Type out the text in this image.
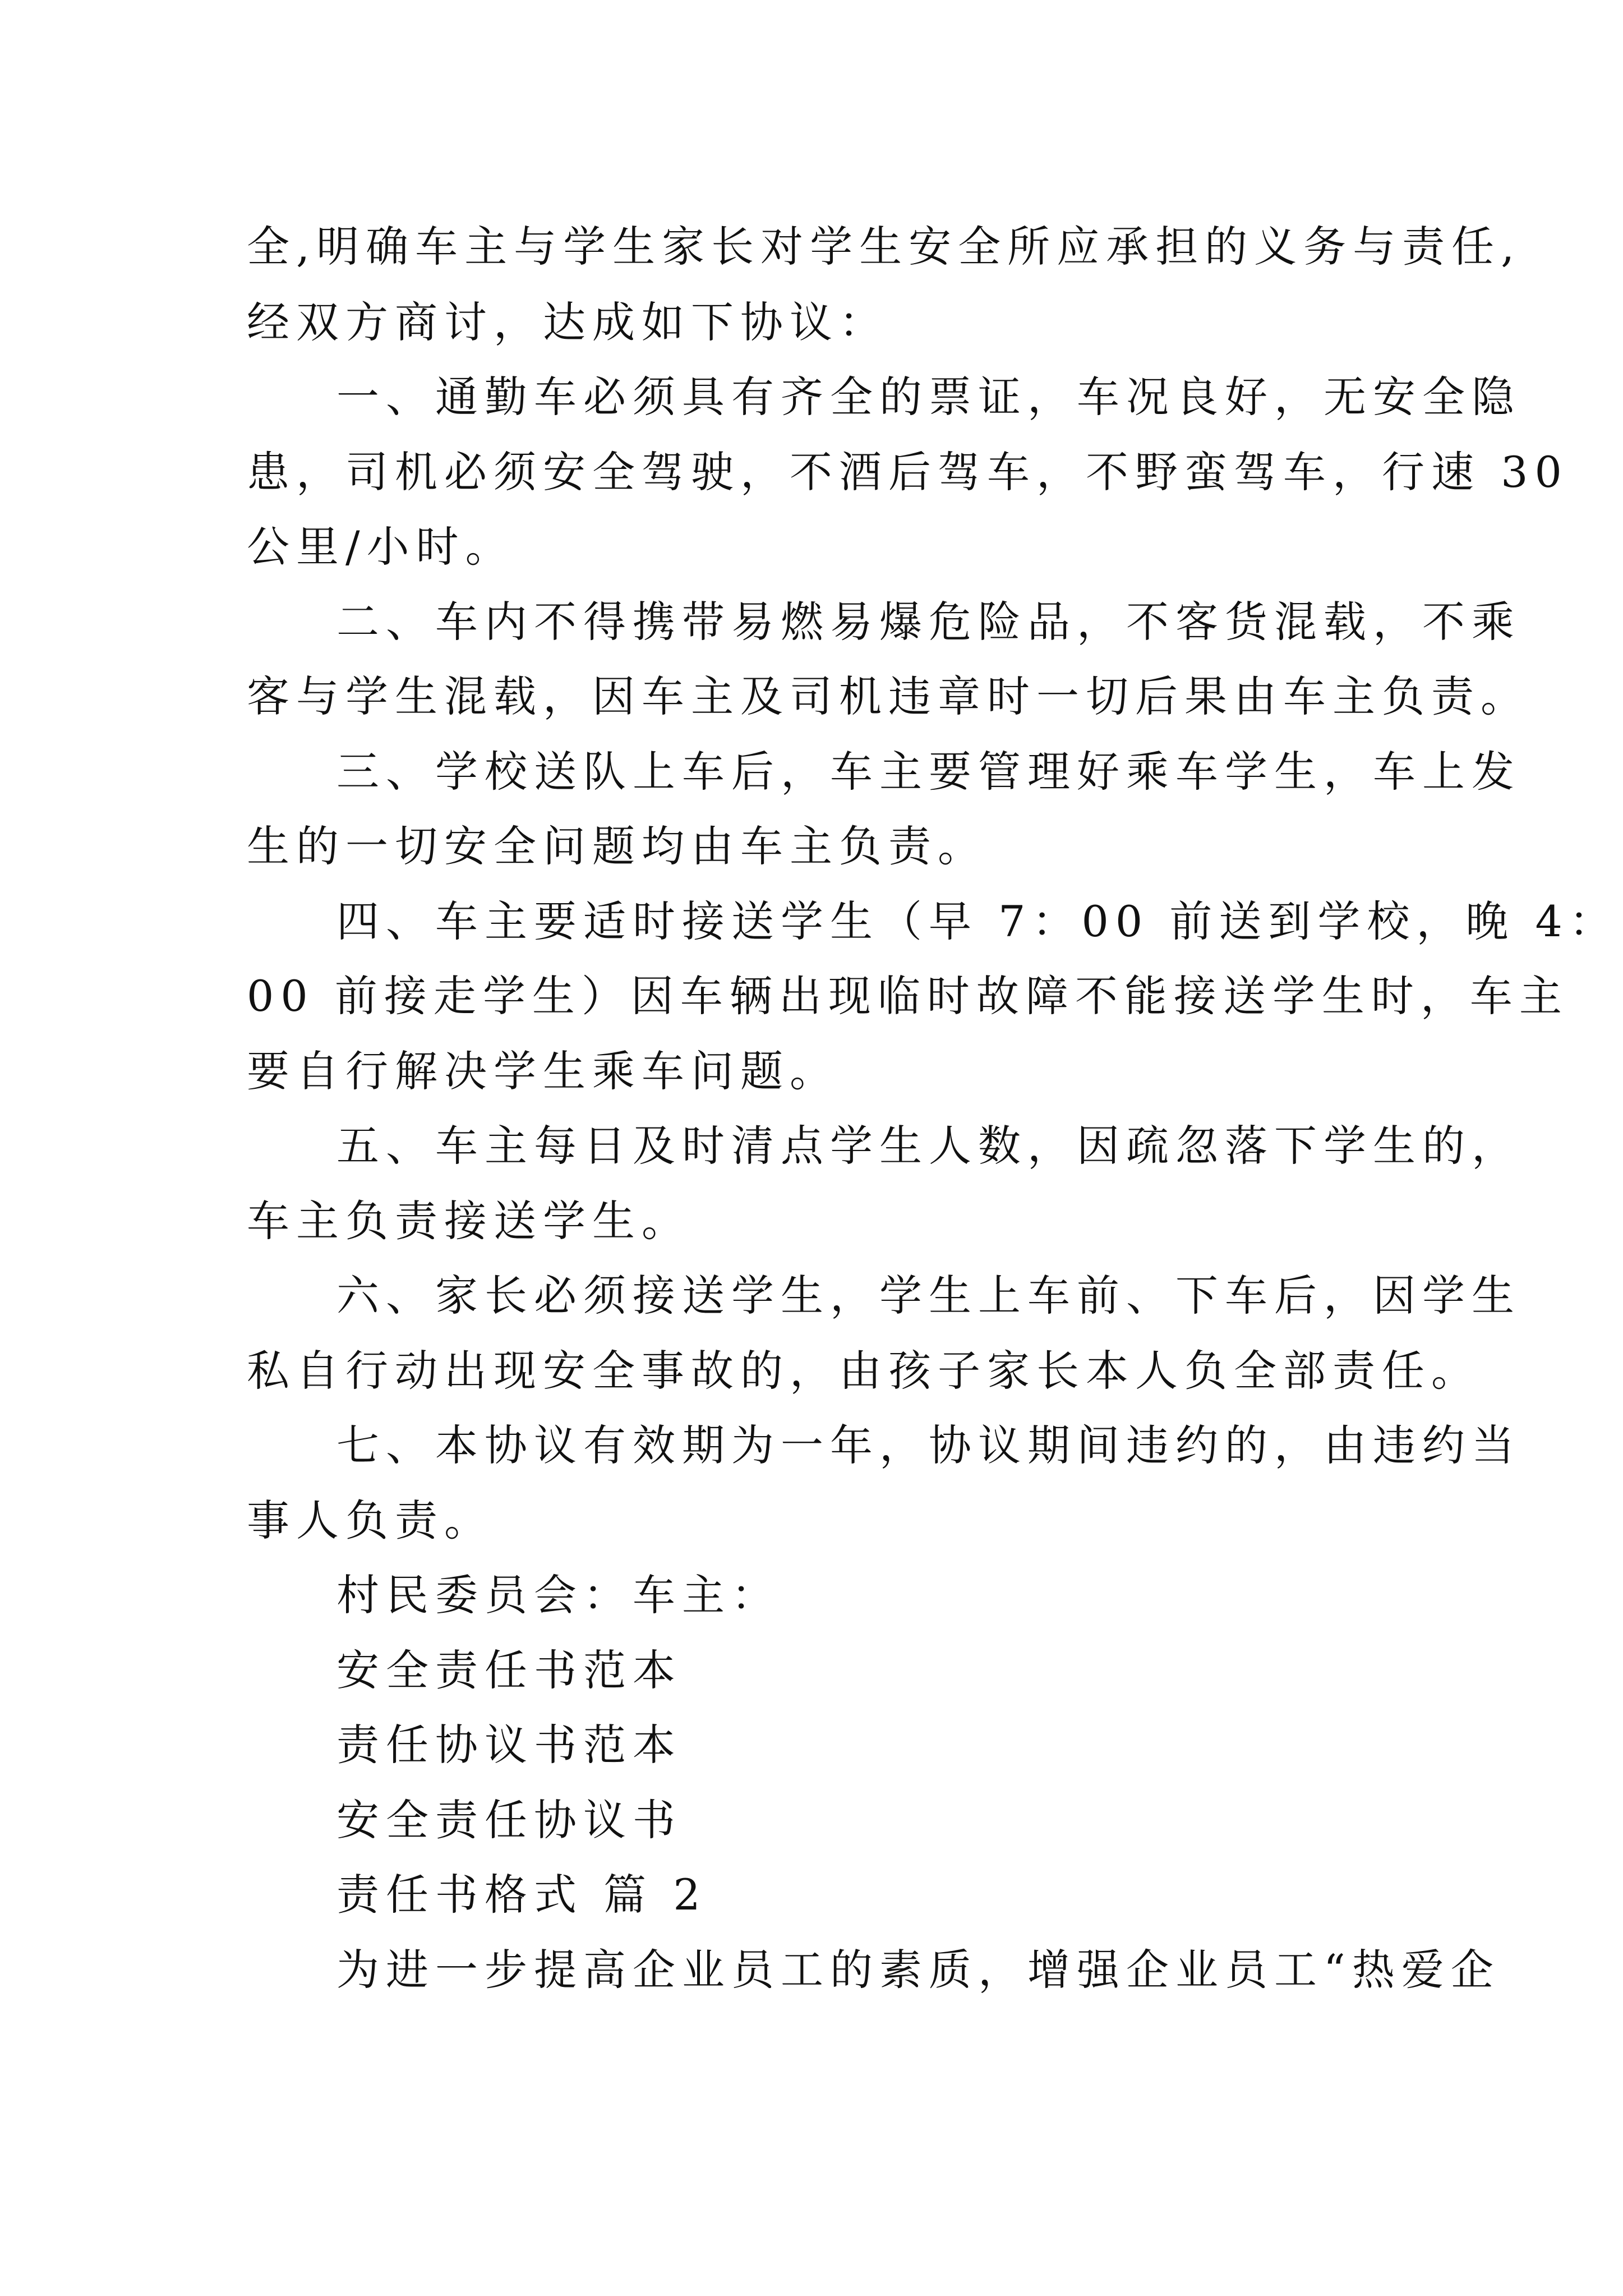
全,明确车主与学生家长对学生安全所应承担的义务与责任,

经双方商讨，达成如下协议：

一、通勤车必须具有齐全的票证，车况良好，无安全隐

患，司机必须安全驾驶，不酒后驾车，不野蛮驾车，行速 30

公里/小时。

二、车内不得携带易燃易爆危险品，不客货混载，不乘

客与学生混载，因车主及司机违章时一切后果由车主负责。

三、学校送队上车后，车主要管理好乘车学生，车上发

生的一切安全问题均由车主负责。

四、车主要适时接送学生（早 7：00 前送到学校，晚 4：

00 前接走学生）因车辆出现临时故障不能接送学生时，车主

要自行解决学生乘车问题。

五、车主每日及时清点学生人数，因疏忽落下学生的，

车主负责接送学生。

六、家长必须接送学生，学生上车前、下车后，因学生

私自行动出现安全事故的，由孩子家长本人负全部责任。

七、本协议有效期为一年，协议期间违约的，由违约当

事人负责。

村民委员会：车主：

安全责任书范本

责任协议书范本

安全责任协议书

责任书格式 篇 2

为进一步提高企业员工的素质，增强企业员工“热爱企
